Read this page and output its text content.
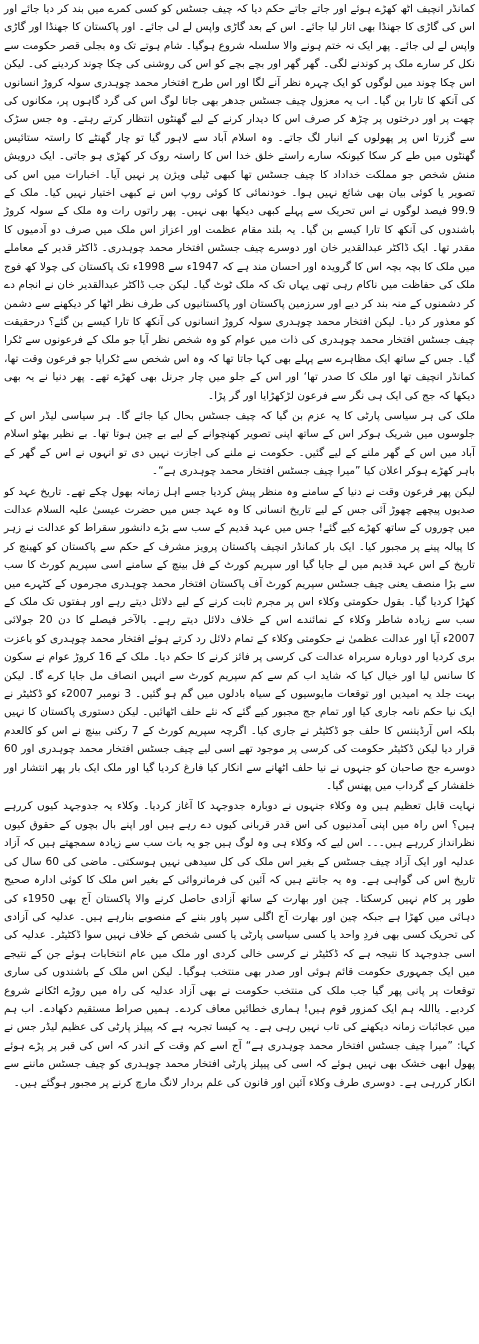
کمانڈر انچیف اٹھ کھڑے ہوئے اور جاتے جاتے حکم دیا کہ چیف جسٹس کو کسی کمرے میں بند کر دیا جائے اور اس کی گاڑی کا جھنڈا بھی اتار لیا جائے۔ اس کے بعد گاڑی واپس لے لی جائے۔ اور پاکستان کا جھنڈا اور گاڑی واپس لے لی جائے۔ پھر ایک نہ ختم ہونے والا سلسلہ شروع ہوگیا۔ شام ہوتے تک وہ بجلی قصر حکومت سے نکل کر سارے ملک پر کوندنے لگی۔ گھر گھر اور بچے بچے کو اس کی روشنی کی چکا چوند کردینے کی۔ لیکن اس چکا چوند میں لوگوں کو ایک چہرہ نظر آنے لگا اور اس طرح افتخار محمد چوہدری سولہ کروڑ انسانوں کی آنکھ کا تارا بن گیا۔ اب یہ معزول چیف جسٹس جدھر بھی جاتا لوگ اس کی گرد گاہوں پر، مکانوں کی چھت پر اور درختوں پر چڑھ کر صرف اس کا دیدار کرنے کے لیے گھنٹوں انتظار کرتے رہتے۔ وہ جس سڑک سے گزرتا اس پر پھولوں کے انبار لگ جاتے۔ وہ اسلام آباد سے لاہور گیا تو چار گھنٹے کا راستہ ستائیس گھنٹوں میں طے کر سکا کیونکہ سارے راستے خلق خدا اس کا راستہ روک کر کھڑی ہو جاتی۔ ایک درویش منش شخص جو مملکت خداداد کا چیف جسٹس تھا کبھی ٹیلی ویژن پر نہیں آیا۔ اخبارات میں اس کی تصویر یا کوئی بیان بھی شائع نہیں ہوا۔ خودنمائی کا کوئی روپ اس نے کبھی اختیار نہیں کیا۔ ملک کے 99.9 فیصد لوگوں نے اس تحریک سے پہلے کبھی دیکھا بھی نہیں۔ پھر راتوں رات وہ ملک کے سولہ کروڑ باشندوں کی آنکھ کا تارا کیسے بن گیا۔ یہ بلند مقام عظمت اور اعزاز اس ملک میں صرف دو آدمیوں کا مقدر تھا۔ ایک ڈاکٹر عبدالقدیر خان اور دوسرے چیف جسٹس افتخار محمد چوہدری۔ ڈاکٹر قدیر کے معاملے میں ملک کا بچہ بچہ اس کا گرویدہ اور احسان مند ہے کہ 1947ء سے 1998ء تک پاکستان کی چولا کھ فوج ملک کی حفاظت میں ناکام رہی تھی یہاں تک کہ ملک ٹوٹ گیا۔ لیکن جب ڈاکٹر عبدالقدیر خان نے انجام دے کر دشمنوں کے منہ بند کر دیے اور سرزمین پاکستان اور پاکستانیوں کی طرف نظر اٹھا کر دیکھنے سے دشمن کو معذور کر دیا۔ لیکن افتخار محمد چوہدری سولہ کروڑ انسانوں کی آنکھ کا تارا کیسے بن گئے؟ درحقیقت چیف جسٹس افتخار محمد چوہدری کی ذات میں عوام کو وہ شخص نظر آیا جو ملک کے فرعونوں سے ٹکرا گیا۔ جس کے ساتھ ایک مظاہرے سے پہلے بھی کہا جاتا تھا کہ وہ اس شخص سے ٹکرایا جو فرعون وقت تھا، کمانڈر انچیف تھا اور ملک کا صدر تھا‘ اور اس کے جلو میں چار جرنل بھی کھڑے تھے۔ پھر دنیا نے یہ بھی دیکھا کہ جج کی ایک ہی نگر سے فرعون لڑکھڑایا اور گر پڑا۔

ملک کی ہر سیاسی پارٹی کا یہ عزم بن گیا کہ چیف جسٹس بحال کیا جائے گا۔ ہر سیاسی لیڈر اس کے جلوسوں میں شریک ہوکر اس کے ساتھ اپنی تصویر کھنچوانے کے لیے بے چین ہوتا تھا۔ بے نظیر بھٹو اسلام آباد میں اس کے گھر ملنے کے لیے گئیں۔ حکومت نے ملنے کی اجازت نہیں دی تو انہوں نے اس کے گھر کے باہر کھڑے ہوکر اعلان کیا ”میرا چیف جسٹس افتخار محمد چوہدری ہے“۔

لیکن پھر فرعون وقت نے دنیا کے سامنے وہ منظر پیش کردیا جسے اہل زمانہ بھول چکے تھے۔ تاریخ عہد کو صدیوں پیچھے چھوڑ آئی جس کے لیے تاریخ انسانی کا وہ عہد جس میں حضرت عیسیٰ علیہ السلام عدالت میں چوروں کے ساتھ کھڑے کیے گئے! جس میں عہد قدیم کے سب سے بڑے دانشور سقراط کو عدالت نے زہر کا پیالہ پینے پر مجبور کیا۔ ایک بار کمانڈر انچیف پاکستان پرویز مشرف کے حکم سے پاکستان کو کھینچ کر تاریخ کے اس عہد قدیم میں لے جایا گیا اور سپریم کورٹ کے فل بینچ کے سامنے اسی سپریم کورٹ کا سب سے بڑا منصف یعنی چیف جسٹس سپریم کورٹ آف پاکستان افتخار محمد چوہدری مجرموں کے کٹہرے میں کھڑا کردیا گیا۔ بقول حکومتی وکلاء اس پر مجرم ثابت کرنے کے لیے دلائل دیتے رہے اور ہفتوں تک ملک کے سب سے زیادہ شاطر وکلاء کے نمائندے اس کے خلاف دلائل دیتے رہے۔ بالآخر فیصلے کا دن 20 جولائی 2007ء آیا اور عدالت عظمیٰ نے حکومتی وکلاء کے تمام دلائل رد کرتے ہوئے افتخار محمد چوہدری کو باعزت بری کردیا اور دوبارہ سربراہ عدالت کی کرسی پر فائز کرنے کا حکم دیا۔ ملک کے 16 کروڑ عوام نے سکون کا سانس لیا اور خیال کیا کہ شاید اب کم سے کم سپریم کورٹ سے انہیں انصاف مل جایا کرے گا۔ لیکن بہت جلد یہ امیدیں اور توقعات مایوسیوں کے سیاہ بادلوں میں گم ہو گئیں۔ 3 نومبر 2007ء کو ڈکٹیٹر نے ایک نیا حکم نامہ جاری کیا اور تمام جج مجبور کیے گئے کہ نئے حلف اٹھائیں۔ لیکن دستوری پاکستان کا نہیں بلکہ اس آرڈیننس کا حلف جو ڈکٹیٹر نے جاری کیا۔ اگرچہ سپریم کورٹ کے 7 رکنی بینچ نے اس کو کالعدم قرار دیا لیکن ڈکٹیٹر حکومت کی کرسی پر موجود تھے اسی لیے چیف جسٹس افتخار محمد چوہدری اور 60 دوسرے جج صاحبان کو جنہوں نے نیا حلف اٹھانے سے انکار کیا فارغ کردیا گیا اور ملک ایک بار پھر انتشار اور خلفشار کے گرداب میں پھنس گیا۔

نہایت قابل تعظیم ہیں وہ وکلاء جنہوں نے دوبارہ جدوجہد کا آغاز کردیا۔ وکلاء یہ جدوجہد کیوں کررہے ہیں؟ اس راہ میں اپنی آمدنیوں کی اس قدر قربانی کیوں دے رہے ہیں اور اپنے بال بچوں کے حقوق کیوں نظرانداز کررہے ہیں۔۔۔ اس لیے کہ وکلاء ہی وہ لوگ ہیں جو یہ بات سب سے زیادہ سمجھتے ہیں کہ آزاد عدلیہ اور ایک آزاد چیف جسٹس کے بغیر اس ملک کی کل سیدھی نہیں ہوسکتی۔ ماضی کی 60 سال کی تاریخ اس کی گواہی ہے۔ وہ یہ جانتے ہیں کہ آئین کی فرمانروائی کے بغیر اس ملک کا کوئی ادارہ صحیح طور پر کام نہیں کرسکتا۔ چین اور بھارت کے ساتھ آزادی حاصل کرنے والا پاکستان آج بھی 1950ء کی دہائی میں کھڑا ہے جبکہ چین اور بھارت آج اگلی سپر پاور بننے کے منصوبے بنارہے ہیں۔ عدلیہ کی آزادی کی تحریک کسی بھی فردِ واحد یا کسی سیاسی پارٹی یا کسی شخص کے خلاف نہیں سوا ڈکٹیٹر۔ عدلیہ کی اسی جدوجہد کا نتیجہ ہے کہ ڈکٹیٹر نے کرسی خالی کردی اور ملک میں عام انتخابات ہوئے جن کے نتیجے میں ایک جمہوری حکومت قائم ہوئی اور صدر بھی منتخب ہوگیا۔ لیکن اس ملک کے باشندوں کی ساری توقعات پر پانی پھر گیا جب ملک کی منتخب حکومت نے بھی آزاد عدلیہ کی راہ میں روڑے اٹکانے شروع کردیے۔ یااللہ ہم ایک کمزور قوم ہیں! ہماری خطائیں معاف کردے۔ ہمیں صراط مستقیم دکھادے۔ اب ہم میں عجائبات زمانہ دیکھنے کی تاب نہیں رہی ہے۔ یہ کیسا تجربہ ہے کہ پیپلز پارٹی کی عظیم لیڈر جس نے کہا: ”میرا چیف جسٹس افتخار محمد چوہدری ہے“ آج اسے کم وقت کے اندر کہ اس کی قبر پر پڑے ہوئے پھول ابھی خشک بھی نہیں ہوئے کہ اسی کی پیپلز پارٹی افتخار محمد چوہدری کو چیف جسٹس ماننے سے انکار کررہی ہے۔ دوسری طرف وکلاء آئین اور قانون کی علم بردار لانگ مارچ کرنے پر مجبور ہوگئے ہیں۔
